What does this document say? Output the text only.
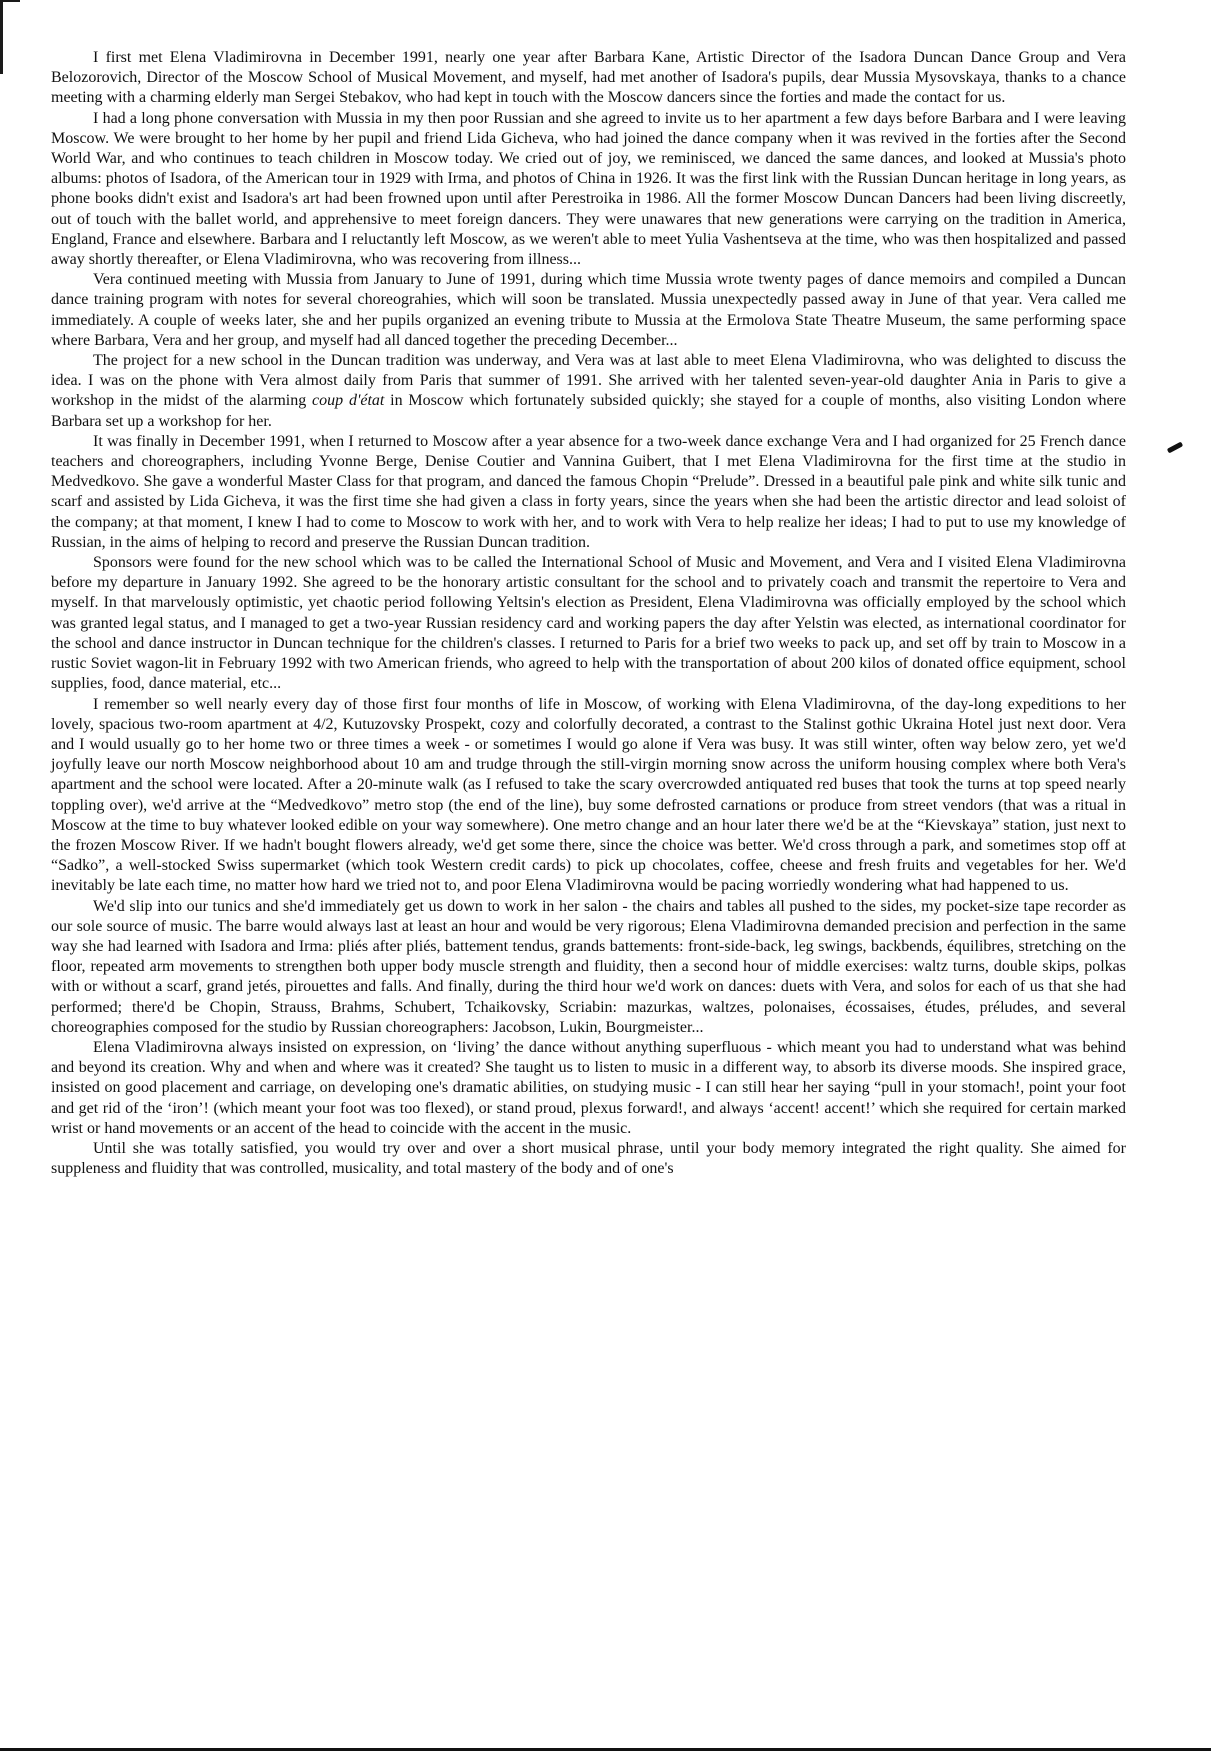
I first met Elena Vladimirovna in December 1991, nearly one year after Barbara Kane, Artistic Director of the Isadora Duncan Dance Group and Vera Belozorovich, Director of the Moscow School of Musical Movement, and myself, had met another of Isadora's pupils, dear Mussia Mysovskaya, thanks to a chance meeting with a charming elderly man Sergei Stebakov, who had kept in touch with the Moscow dancers since the forties and made the contact for us.

I had a long phone conversation with Mussia in my then poor Russian and she agreed to invite us to her apartment a few days before Barbara and I were leaving Moscow. We were brought to her home by her pupil and friend Lida Gicheva, who had joined the dance company when it was revived in the forties after the Second World War, and who continues to teach children in Moscow today. We cried out of joy, we reminisced, we danced the same dances, and looked at Mussia's photo albums: photos of Isadora, of the American tour in 1929 with Irma, and photos of China in 1926. It was the first link with the Russian Duncan heritage in long years, as phone books didn't exist and Isadora's art had been frowned upon until after Perestroika in 1986. All the former Moscow Duncan Dancers had been living discreetly, out of touch with the ballet world, and apprehensive to meet foreign dancers. They were unawares that new generations were carrying on the tradition in America, England, France and elsewhere. Barbara and I reluctantly left Moscow, as we weren't able to meet Yulia Vashentseva at the time, who was then hospitalized and passed away shortly thereafter, or Elena Vladimirovna, who was recovering from illness...

Vera continued meeting with Mussia from January to June of 1991, during which time Mussia wrote twenty pages of dance memoirs and compiled a Duncan dance training program with notes for several choreograhies, which will soon be translated. Mussia unexpectedly passed away in June of that year. Vera called me immediately. A couple of weeks later, she and her pupils organized an evening tribute to Mussia at the Ermolova State Theatre Museum, the same performing space where Barbara, Vera and her group, and myself had all danced together the preceding December...

The project for a new school in the Duncan tradition was underway, and Vera was at last able to meet Elena Vladimirovna, who was delighted to discuss the idea. I was on the phone with Vera almost daily from Paris that summer of 1991. She arrived with her talented seven-year-old daughter Ania in Paris to give a workshop in the midst of the alarming coup d'état in Moscow which fortunately subsided quickly; she stayed for a couple of months, also visiting London where Barbara set up a workshop for her.

It was finally in December 1991, when I returned to Moscow after a year absence for a two-week dance exchange Vera and I had organized for 25 French dance teachers and choreographers, including Yvonne Berge, Denise Coutier and Vannina Guibert, that I met Elena Vladimirovna for the first time at the studio in Medvedkovo. She gave a wonderful Master Class for that program, and danced the famous Chopin “Prelude”. Dressed in a beautiful pale pink and white silk tunic and scarf and assisted by Lida Gicheva, it was the first time she had given a class in forty years, since the years when she had been the artistic director and lead soloist of the company; at that moment, I knew I had to come to Moscow to work with her, and to work with Vera to help realize her ideas; I had to put to use my knowledge of Russian, in the aims of helping to record and preserve the Russian Duncan tradition.

Sponsors were found for the new school which was to be called the International School of Music and Movement, and Vera and I visited Elena Vladimirovna before my departure in January 1992. She agreed to be the honorary artistic consultant for the school and to privately coach and transmit the repertoire to Vera and myself. In that marvelously optimistic, yet chaotic period following Yeltsin's election as President, Elena Vladimirovna was officially employed by the school which was granted legal status, and I managed to get a two-year Russian residency card and working papers the day after Yelstin was elected, as international coordinator for the school and dance instructor in Duncan technique for the children's classes. I returned to Paris for a brief two weeks to pack up, and set off by train to Moscow in a rustic Soviet wagon-lit in February 1992 with two American friends, who agreed to help with the transportation of about 200 kilos of donated office equipment, school supplies, food, dance material, etc...

I remember so well nearly every day of those first four months of life in Moscow, of working with Elena Vladimirovna, of the day-long expeditions to her lovely, spacious two-room apartment at 4/2, Kutuzovsky Prospekt, cozy and colorfully decorated, a contrast to the Stalinst gothic Ukraina Hotel just next door. Vera and I would usually go to her home two or three times a week - or sometimes I would go alone if Vera was busy. It was still winter, often way below zero, yet we'd joyfully leave our north Moscow neighborhood about 10 am and trudge through the still-virgin morning snow across the uniform housing complex where both Vera's apartment and the school were located. After a 20-minute walk (as I refused to take the scary overcrowded antiquated red buses that took the turns at top speed nearly toppling over), we'd arrive at the “Medvedkovo” metro stop (the end of the line), buy some defrosted carnations or produce from street vendors (that was a ritual in Moscow at the time to buy whatever looked edible on your way somewhere). One metro change and an hour later there we'd be at the “Kievskaya” station, just next to the frozen Moscow River. If we hadn't bought flowers already, we'd get some there, since the choice was better. We'd cross through a park, and sometimes stop off at “Sadko”, a well-stocked Swiss supermarket (which took Western credit cards) to pick up chocolates, coffee, cheese and fresh fruits and vegetables for her. We'd inevitably be late each time, no matter how hard we tried not to, and poor Elena Vladimirovna would be pacing worriedly wondering what had happened to us.

We'd slip into our tunics and she'd immediately get us down to work in her salon - the chairs and tables all pushed to the sides, my pocket-size tape recorder as our sole source of music. The barre would always last at least an hour and would be very rigorous; Elena Vladimirovna demanded precision and perfection in the same way she had learned with Isadora and Irma: pliés after pliés, battement tendus, grands battements: front-side-back, leg swings, backbends, équilibres, stretching on the floor, repeated arm movements to strengthen both upper body muscle strength and fluidity, then a second hour of middle exercises: waltz turns, double skips, polkas with or without a scarf, grand jetés, pirouettes and falls. And finally, during the third hour we'd work on dances: duets with Vera, and solos for each of us that she had performed; there'd be Chopin, Strauss, Brahms, Schubert, Tchaikovsky, Scriabin: mazurkas, waltzes, polonaises, écossaises, études, préludes, and several choreographies composed for the studio by Russian choreographers: Jacobson, Lukin, Bourgmeister...

Elena Vladimirovna always insisted on expression, on ‘living’ the dance without anything superfluous - which meant you had to understand what was behind and beyond its creation. Why and when and where was it created? She taught us to listen to music in a different way, to absorb its diverse moods. She inspired grace, insisted on good placement and carriage, on developing one's dramatic abilities, on studying music - I can still hear her saying “pull in your stomach!, point your foot and get rid of the ‘iron’! (which meant your foot was too flexed), or stand proud, plexus forward!, and always ‘accent! accent!’ which she required for certain marked wrist or hand movements or an accent of the head to coincide with the accent in the music.

Until she was totally satisfied, you would try over and over a short musical phrase, until your body memory integrated the right quality. She aimed for suppleness and fluidity that was controlled, musicality, and total mastery of the body and of one's
